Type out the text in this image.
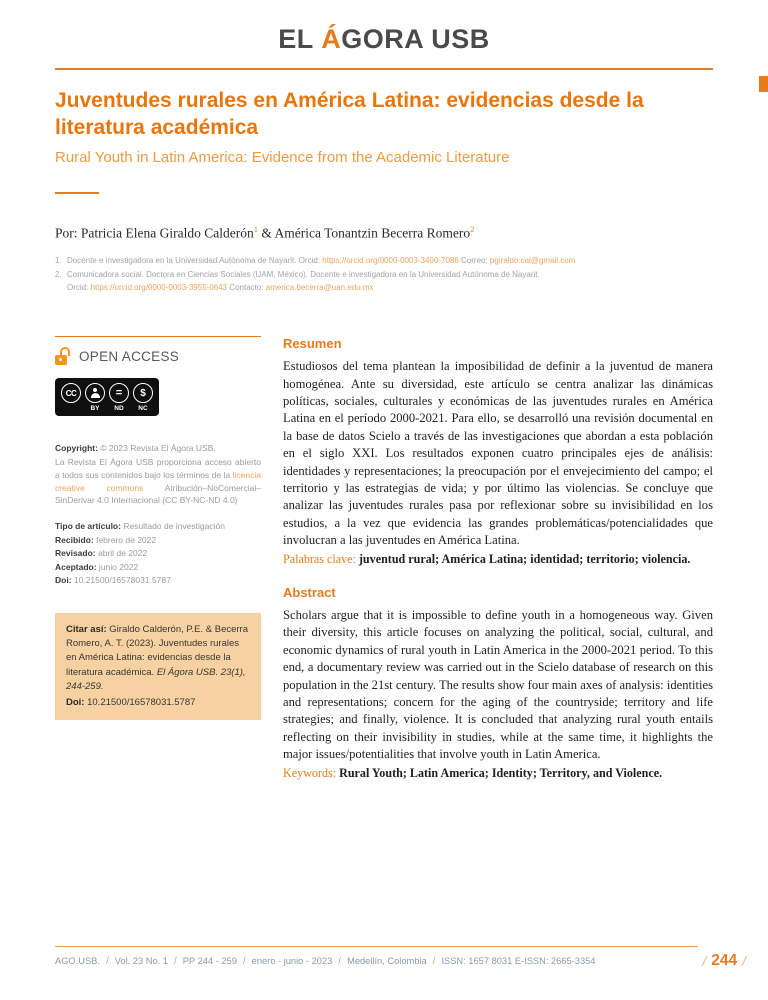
EL ÁGORA USB
Juventudes rurales en América Latina: evidencias desde la literatura académica
Rural Youth in Latin America: Evidence from the Academic Literature

Por: Patricia Elena Giraldo Calderón$^1$ & América Tonantzin Becerra Romero$^2$

1. Docente e investigadora en la Universidad Autónoma de Nayarit. Orcid: https://orcid.org/0000-0003-3400-7086 Correo: pgiraldo.cal@gmail.com
2. Comunicadora social. Doctora en Ciencias Sociales (UAM, México). Docente e investigadora en la Universidad Autónoma de Nayarit.
Orcid: https://orcid.org/0000-0003-3955-0643 Contacto: america.becerra@uan.edu.mx
OPEN ACCESS
CC	= $
BY	ND	NC

Copyright: © 2023 Revista El Ágora USB.

La Revista El Ágora USB proporciona acceso abierto a todos sus contenidos bajo los términos de la licencia creative commons Atribución–NoComercial–SinDerivar 4.0 Internacional (CC BY-NC-ND 4.0)

Tipo de artículo: Resultado de investigación

Recibido: febrero de 2022

Revisado: abril de 2022

Aceptado: junio 2022

Doi: 10.21500/16578031.5787

Citar así: Giraldo Calderón, P.E. & Becerra Romero, A. T. (2023). Juventudes rurales en América Latina: evidencias desde la literatura académica. El Ágora USB. 23(1), 244-259.

Doi: 10.21500/16578031.5787

Resumen

Estudiosos del tema plantean la imposibilidad de definir a la juventud de manera homogénea. Ante su diversidad, este artículo se centra analizar las dinámicas políticas, sociales, culturales y económicas de las juventudes rurales en América Latina en el período 2000-2021. Para ello, se desarrolló una revisión documental en la base de datos Scielo a través de las investigaciones que abordan a esta población en el siglo XXI. Los resultados exponen cuatro principales ejes de análisis: identidades y representaciones; la preocupación por el envejecimiento del campo; el territorio y las estrategias de vida; y por último las violencias. Se concluye que analizar las juventudes rurales pasa por reflexionar sobre su invisibilidad en los estudios, a la vez que evidencia las grandes problemáticas/potencialidades que involucran a las juventudes en América Latina.

Palabras clave: juventud rural; América Latina; identidad; territorio; violencia.

Abstract

Scholars argue that it is impossible to define youth in a homogeneous way. Given their diversity, this article focuses on analyzing the political, social, cultural, and economic dynamics of rural youth in Latin America in the 2000-2021 period. To this end, a documentary review was carried out in the Scielo database of research on this population in the 21st century. The results show four main axes of analysis: identities and representations; concern for the aging of the countryside; territory and life strategies; and finally, violence. It is concluded that analyzing rural youth entails reflecting on their invisibility in studies, while at the same time, it highlights the major issues/potentialities that involve youth in Latin America.

Keywords: Rural Youth; Latin America; Identity; Territory, and Violence.

AGO.USB. /	Vol. 23 No. 1 /	PP 244 - 259 /	enero - junio - 2023 /	Medellín, Colombia /	ISSN: 1657 8031 E-ISSN: 2665-3354	/ 244
/
